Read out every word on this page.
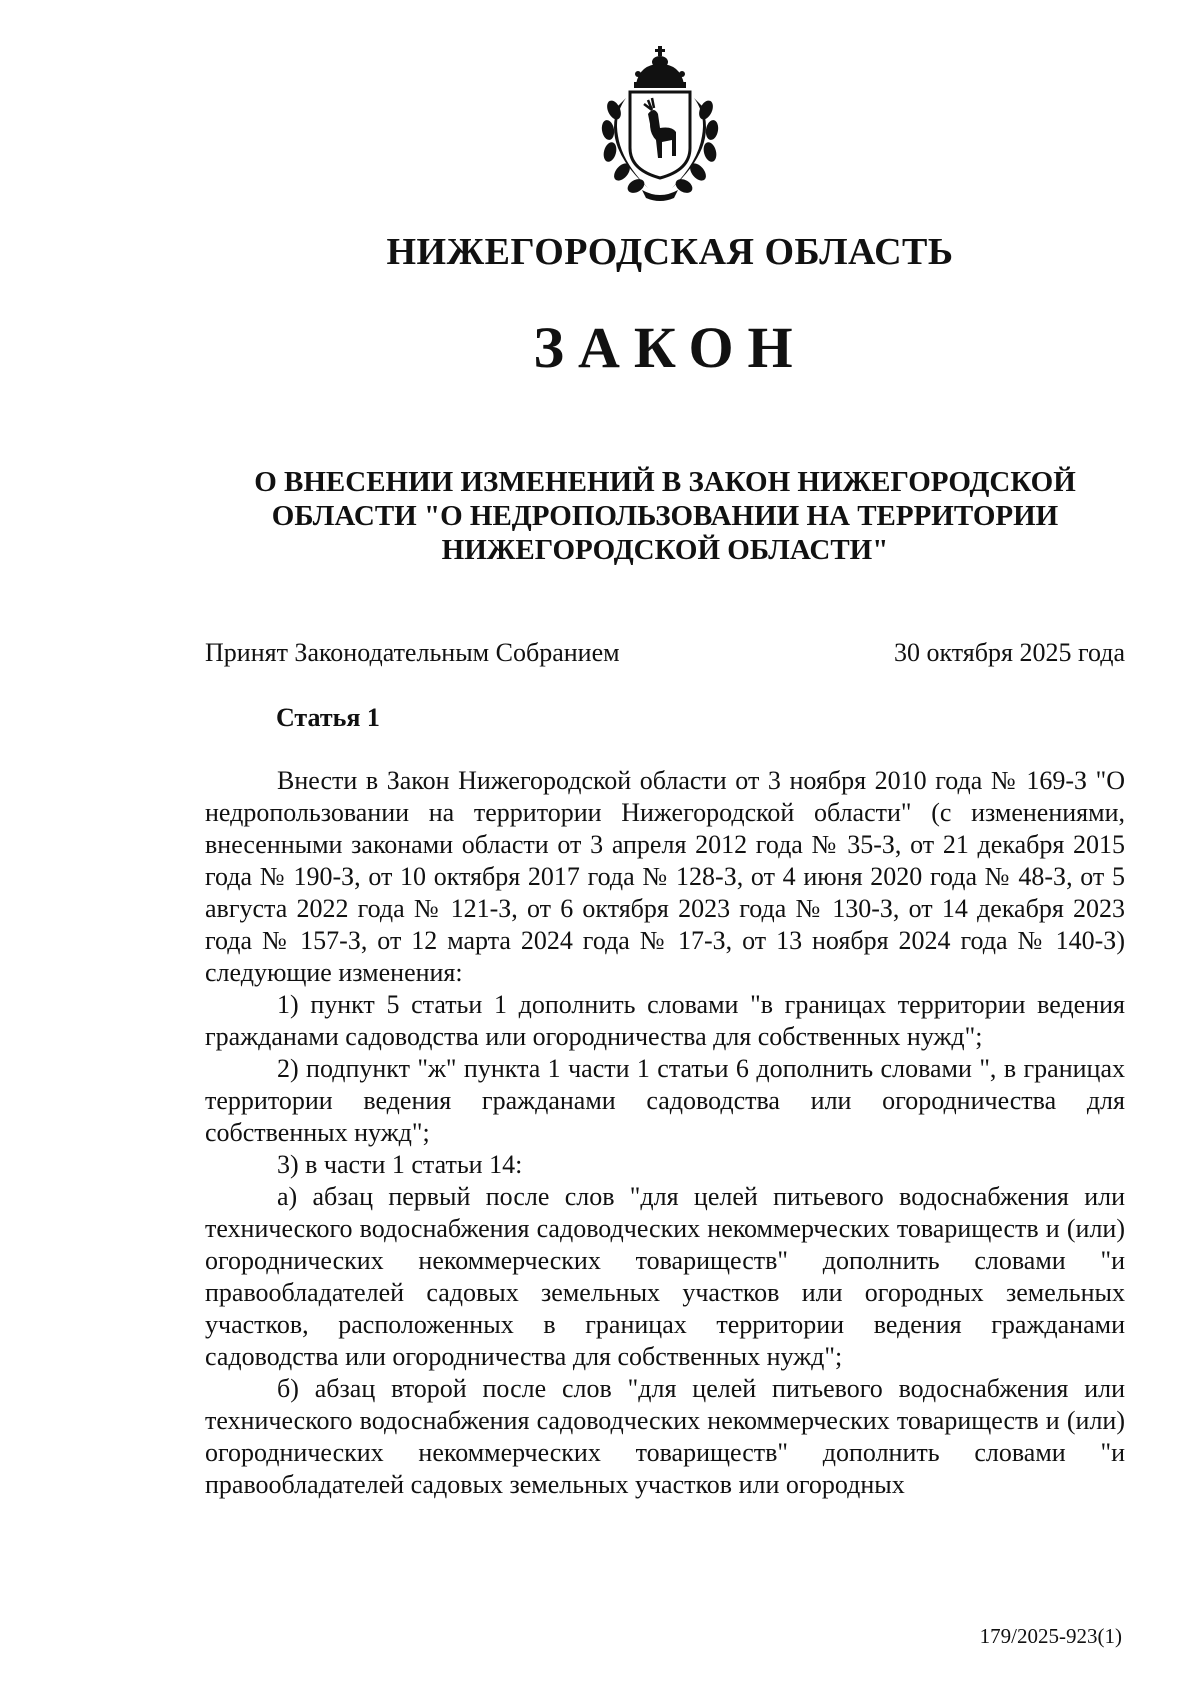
НИЖЕГОРОДСКАЯ ОБЛАСТЬ
ЗАКОН
О ВНЕСЕНИИ ИЗМЕНЕНИЙ В ЗАКОН НИЖЕГОРОДСКОЙ
ОБЛАСТИ "О НЕДРОПОЛЬЗОВАНИИ НА ТЕРРИТОРИИ
НИЖЕГОРОДСКОЙ ОБЛАСТИ"
Принят Законодательным Собранием	30 октября 2025 года
Статья 1

Внести в Закон Нижегородской области от 3 ноября 2010 года № 169-З "О недропользовании на территории Нижегородской области" (с изменениями, внесенными законами области от 3 апреля 2012 года № 35-З, от 21 декабря 2015 года № 190-З, от 10 октября 2017 года № 128-З, от 4 июня 2020 года № 48-З, от 5 августа 2022 года № 121-З, от 6 октября 2023 года № 130-З, от 14 декабря 2023 года № 157-З, от 12 марта 2024 года № 17-З, от 13 ноября 2024 года № 140-З) следующие изменения:

1) пункт 5 статьи 1 дополнить словами "в границах территории ведения гражданами садоводства или огородничества для собственных нужд";

2) подпункт "ж" пункта 1 части 1 статьи 6 дополнить словами ", в границах территории ведения гражданами садоводства или огородничества для собственных нужд";

3) в части 1 статьи 14:

а) абзац первый после слов "для целей питьевого водоснабжения или технического водоснабжения садоводческих некоммерческих товариществ и (или) огороднических некоммерческих товариществ" дополнить словами "и правообладателей садовых земельных участков или огородных земельных участков, расположенных в границах территории ведения гражданами садоводства или огородничества для собственных нужд";

б) абзац второй после слов "для целей питьевого водоснабжения или технического водоснабжения садоводческих некоммерческих товариществ и (или) огороднических некоммерческих товариществ" дополнить словами "и правообладателей садовых земельных участков или огородных

179/2025-923(1)
